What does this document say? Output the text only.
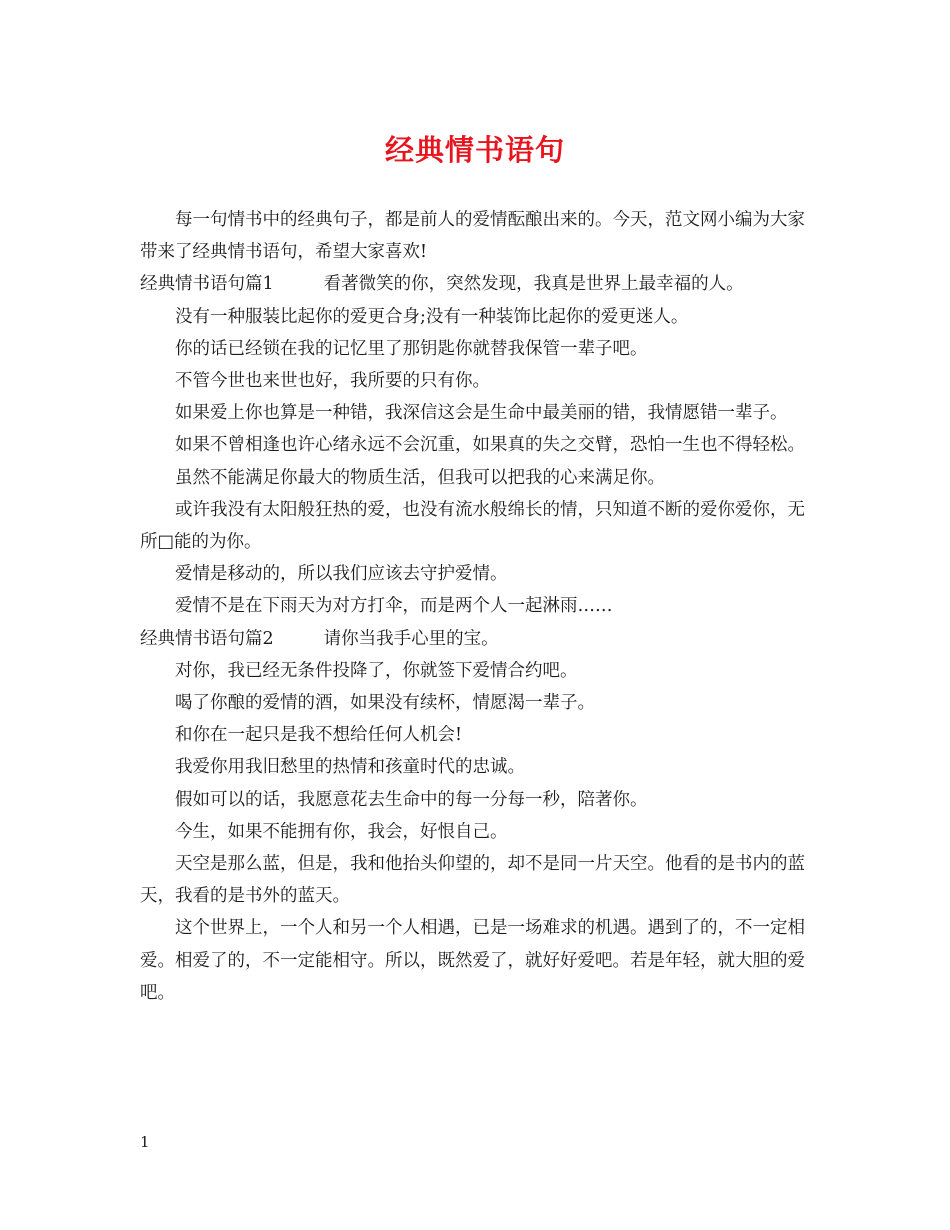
经典情书语句

每一句情书中的经典句子，都是前人的爱情酝酿出来的。今天，范文网小编为大家带来了经典情书语句，希望大家喜欢!

经典情书语句篇1	看著微笑的你，突然发现，我真是世界上最幸福的人。

没有一种服装比起你的爱更合身;没有一种装饰比起你的爱更迷人。

你的话已经锁在我的记忆里了那钥匙你就替我保管一辈子吧。

不管今世也来世也好，我所要的只有你。

如果爱上你也算是一种错，我深信这会是生命中最美丽的错，我情愿错一辈子。

如果不曾相逢也许心绪永远不会沉重，如果真的失之交臂，恐怕一生也不得轻松。

虽然不能满足你最大的物质生活，但我可以把我的心来满足你。

或许我没有太阳般狂热的爱，也没有流水般绵长的情，只知道不断的爱你爱你，无所□能的为你。

爱情是移动的，所以我们应该去守护爱情。

爱情不是在下雨天为对方打伞，而是两个人一起淋雨……

经典情书语句篇2	请你当我手心里的宝。

对你，我已经无条件投降了，你就签下爱情合约吧。

喝了你酿的爱情的酒，如果没有续杯，情愿渴一辈子。

和你在一起只是我不想给任何人机会!

我爱你用我旧愁里的热情和孩童时代的忠诚。

假如可以的话，我愿意花去生命中的每一分每一秒，陪著你。

今生，如果不能拥有你，我会，好恨自己。

天空是那么蓝，但是，我和他抬头仰望的，却不是同一片天空。他看的是书内的蓝天，我看的是书外的蓝天。

这个世界上，一个人和另一个人相遇，已是一场难求的机遇。遇到了的，不一定相爱。相爱了的，不一定能相守。所以，既然爱了，就好好爱吧。若是年轻，就大胆的爱吧。

1
